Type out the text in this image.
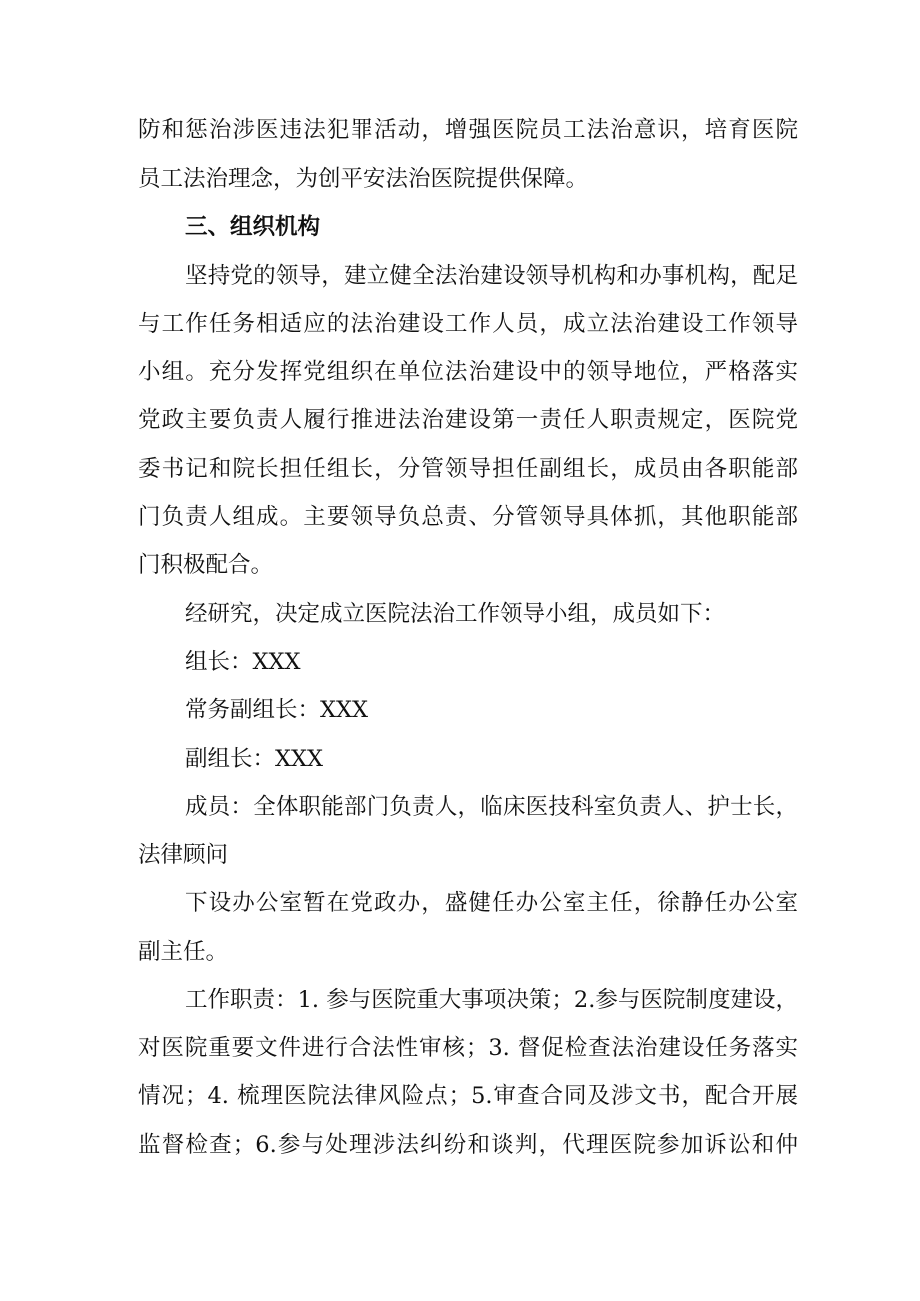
防和惩治涉医违法犯罪活动，增强医院员工法治意识，培育医院
员工法治理念，为创平安法治医院提供保障。
三、组织机构
坚持党的领导，建立健全法治建设领导机构和办事机构，配足
与工作任务相适应的法治建设工作人员，成立法治建设工作领导
小组。充分发挥党组织在单位法治建设中的领导地位，严格落实
党政主要负责人履行推进法治建设第一责任人职责规定，医院党
委书记和院长担任组长，分管领导担任副组长，成员由各职能部
门负责人组成。主要领导负总责、分管领导具体抓，其他职能部
门积极配合。
经研究，决定成立医院法治工作领导小组，成员如下：
组长：XXX
常务副组长：XXX
副组长：XXX
成员：全体职能部门负责人，临床医技科室负责人、护士长，
法律顾问
下设办公室暂在党政办，盛健任办公室主任，徐静任办公室
副主任。
工作职责：1. 参与医院重大事项决策；2.参与医院制度建设，
对医院重要文件进行合法性审核；3. 督促检查法治建设任务落实
情况；4. 梳理医院法律风险点；5.审查合同及涉文书，配合开展
监督检查；6.参与处理涉法纠纷和谈判，代理医院参加诉讼和仲
